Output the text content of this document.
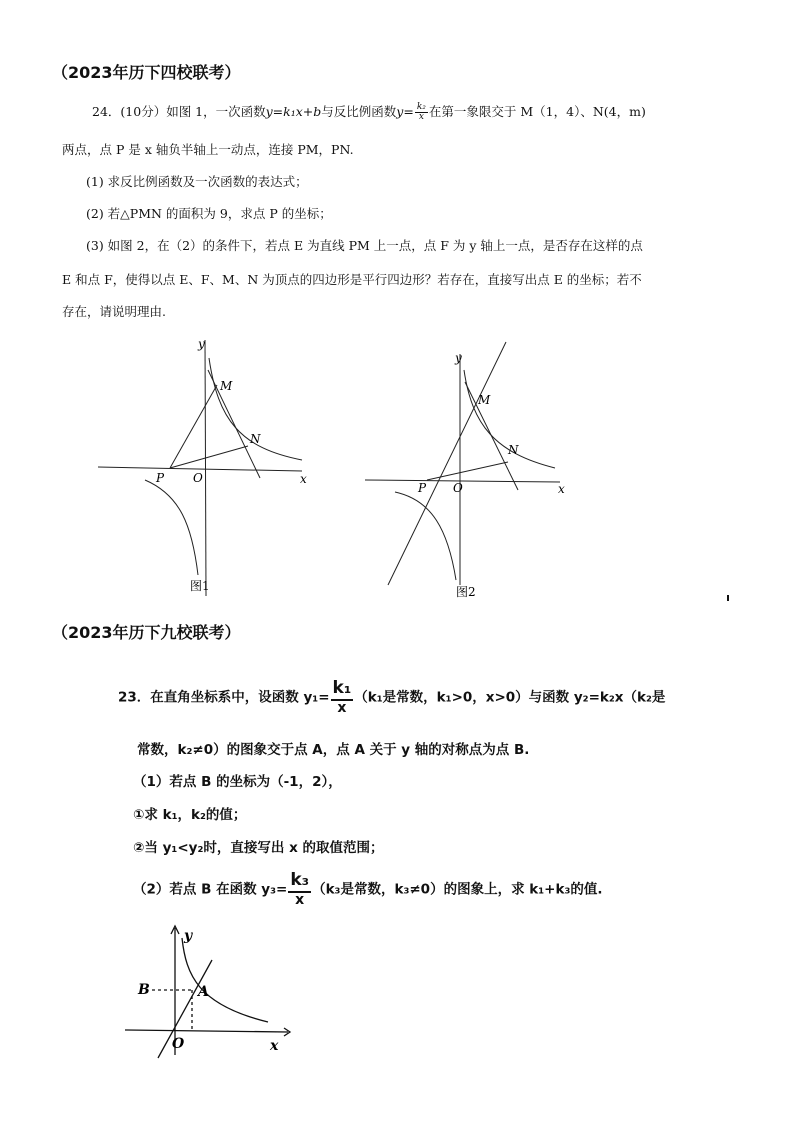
（2023年历下四校联考）
24．(10分）如图 1，一次函数y=k₁x+b与反比例函数$y= \frac{\text{k₂}}{x}$ 在第一象限交于 M（1，4）、N(4，m)
两点，点 P 是 x 轴负半轴上一动点，连接 PM，PN.
(1) 求反比例函数及一次函数的表达式；
(2) 若△PMN 的面积为 9，求点 P 的坐标；
(3) 如图 2，在（2）的条件下，若点 E 为直线 PM 上一点，点 F 为 y 轴上一点，是否存在这样的点
E 和点 F，使得以点 E、F、M、N 为顶点的四边形是平行四边形？若存在，直接写出点 E 的坐标；若不
存在，请说明理由.
y
x
M
N
P O
图1
y
x
M
N
P O
图2
（2023年历下九校联考）
23．在直角坐标系中，设函数 $y_1= \frac{\text{k₁}}{x} (k_1$是常数，k₁>0，x>0）与函数 y₂=k₂x（k₂是
常数，k₂≠0）的图象交于点 A，点 A 关于 y 轴的对称点为点 B.
（1）若点 B 的坐标为（-1，2），
①求 k₁，k₂的值；
②当 y₁<y₂时，直接写出 x 的取值范围；
（2）若点 B 在函数 $y_3= \frac{\text{k₃}}{x} (k_3$是常数，k₃≠0）的图象上，求 k₁+k₃的值.
y
x
B	A
O
